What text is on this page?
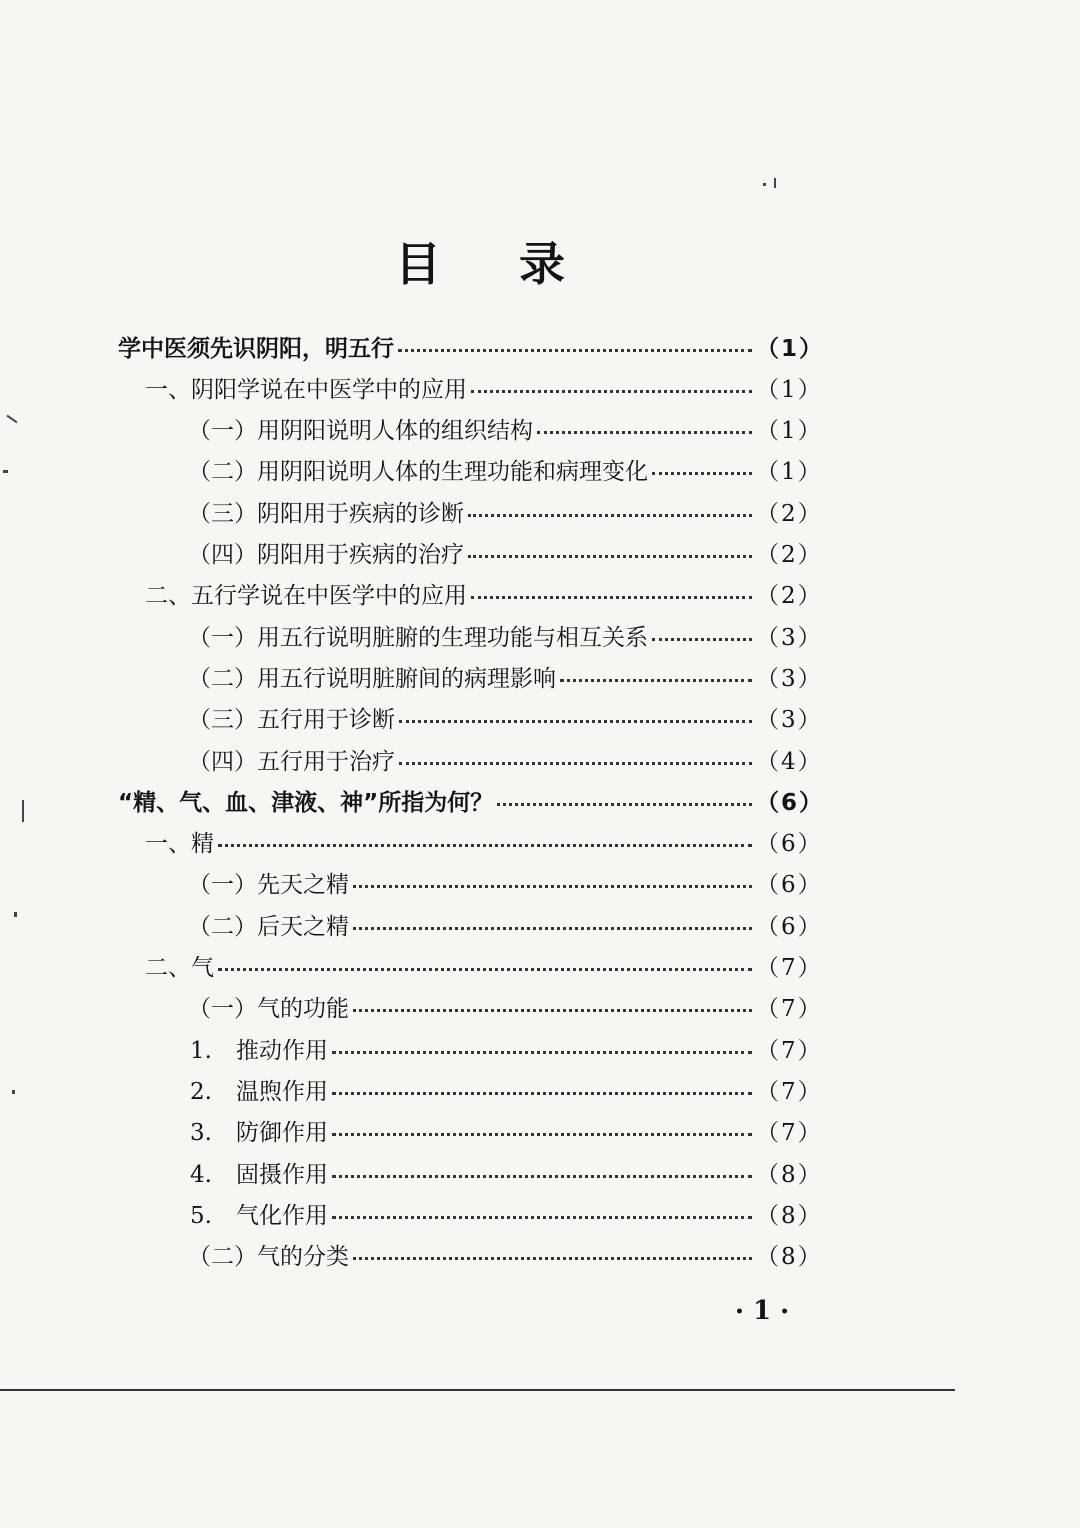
目 录
学中医须先识阴阳，明五行	（1）
一、阴阳学说在中医学中的应用	（1）
（一）用阴阳说明人体的组织结构	（1）
（二）用阴阳说明人体的生理功能和病理变化	（1）
（三）阴阳用于疾病的诊断	（2）
（四）阴阳用于疾病的治疗	（2）
二、五行学说在中医学中的应用	（2）
（一）用五行说明脏腑的生理功能与相互关系	（3）
（二）用五行说明脏腑间的病理影响	（3）
（三）五行用于诊断	（3）
（四）五行用于治疗	（4）
“精、气、血、津液、神”所指为何？	（6）
一、精	（6）
（一）先天之精	（6）
（二）后天之精	（6）
二、气	（7）
（一）气的功能	（7）
1. 推动作用	（7）
2. 温煦作用	（7）
3. 防御作用	（7）
4. 固摄作用	（8）
5. 气化作用	（8）
（二）气的分类	（8）
• 1 •
